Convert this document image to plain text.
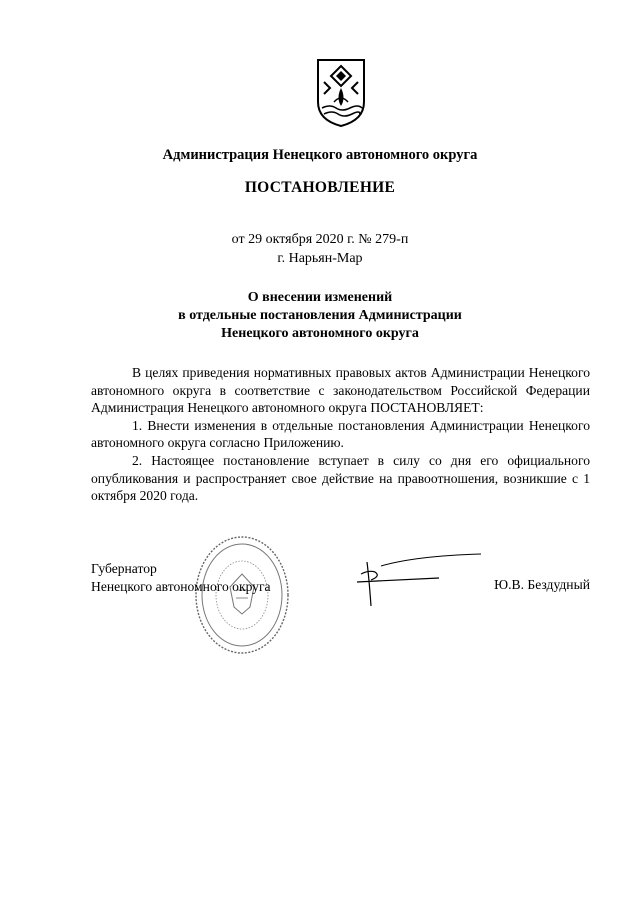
Администрация Ненецкого автономного округа
ПОСТАНОВЛЕНИЕ
от 29 октября 2020 г. № 279-п
г. Нарьян-Мар
О внесении изменений
в отдельные постановления Администрации
Ненецкого автономного округа

В целях приведения нормативных правовых актов Администрации Ненецкого автономного округа в соответствие с законодательством Российской Федерации Администрация Ненецкого автономного округа ПОСТАНОВЛЯЕТ:

1. Внести изменения в отдельные постановления Администрации Ненецкого автономного округа согласно Приложению.

2. Настоящее постановление вступает в силу со дня его официального опубликования и распространяет свое действие на правоотношения, возникшие с 1 октября 2020 года.

Губернатор
Ненецкого автономного округа	Ю.В. Бездудный
